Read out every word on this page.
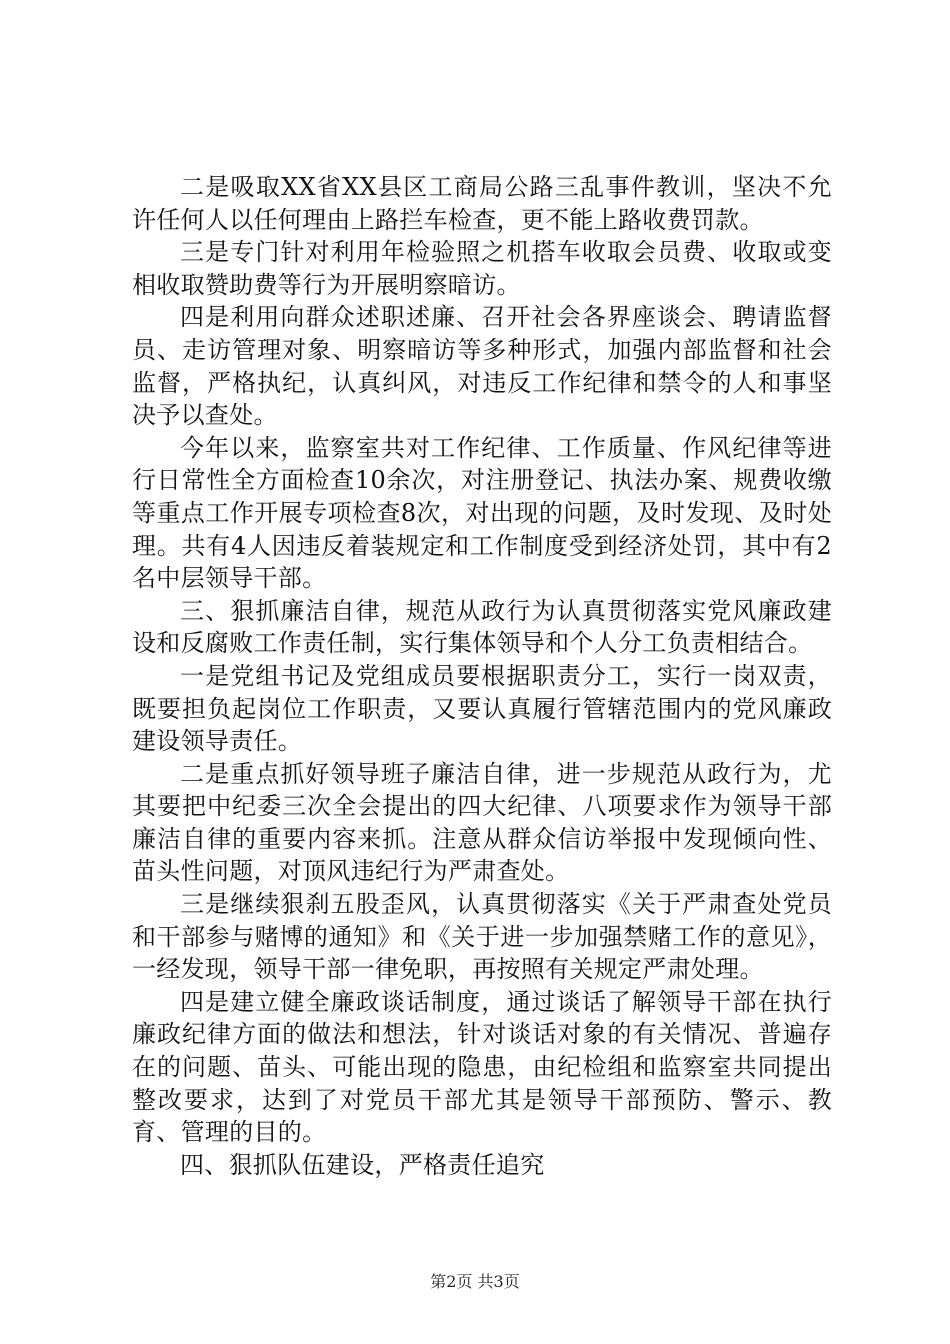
二是吸取XX省XX县区工商局公路三乱事件教训，坚决不允许任何人以任何理由上路拦车检查，更不能上路收费罚款。

三是专门针对利用年检验照之机搭车收取会员费、收取或变相收取赞助费等行为开展明察暗访。

四是利用向群众述职述廉、召开社会各界座谈会、聘请监督员、走访管理对象、明察暗访等多种形式，加强内部监督和社会监督，严格执纪，认真纠风，对违反工作纪律和禁令的人和事坚决予以查处。

今年以来，监察室共对工作纪律、工作质量、作风纪律等进行日常性全方面检查10余次，对注册登记、执法办案、规费收缴等重点工作开展专项检查8次，对出现的问题，及时发现、及时处理。共有4人因违反着装规定和工作制度受到经济处罚，其中有2名中层领导干部。

三、狠抓廉洁自律，规范从政行为认真贯彻落实党风廉政建设和反腐败工作责任制，实行集体领导和个人分工负责相结合。

一是党组书记及党组成员要根据职责分工，实行一岗双责，既要担负起岗位工作职责，又要认真履行管辖范围内的党风廉政建设领导责任。

二是重点抓好领导班子廉洁自律，进一步规范从政行为，尤其要把中纪委三次全会提出的四大纪律、八项要求作为领导干部廉洁自律的重要内容来抓。注意从群众信访举报中发现倾向性、苗头性问题，对顶风违纪行为严肃查处。

三是继续狠刹五股歪风，认真贯彻落实《关于严肃查处党员和干部参与赌博的通知》和《关于进一步加强禁赌工作的意见》，一经发现，领导干部一律免职，再按照有关规定严肃处理。

四是建立健全廉政谈话制度，通过谈话了解领导干部在执行廉政纪律方面的做法和想法，针对谈话对象的有关情况、普遍存在的问题、苗头、可能出现的隐患，由纪检组和监察室共同提出整改要求，达到了对党员干部尤其是领导干部预防、警示、教育、管理的目的。

四、狠抓队伍建设，严格责任追究

第2页 共3页
